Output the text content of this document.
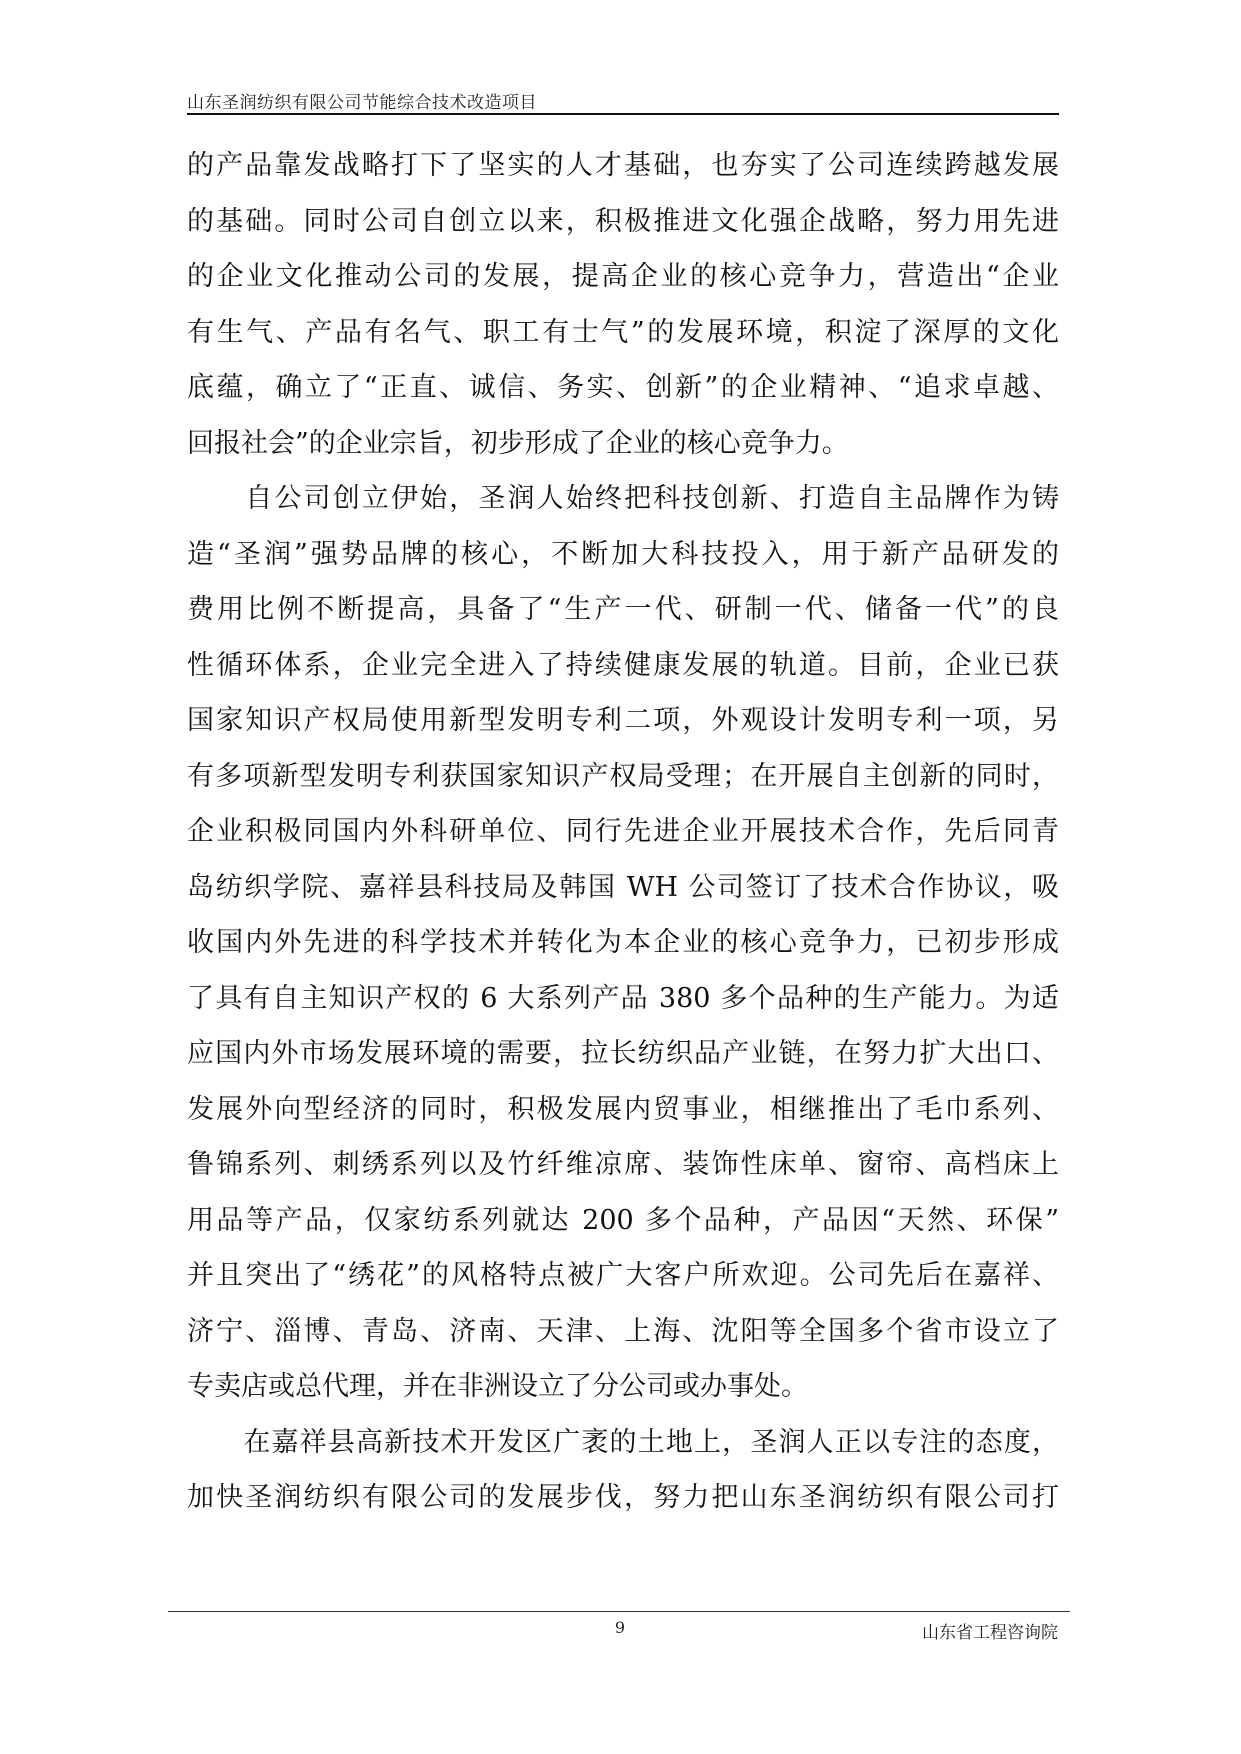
山东圣润纺织有限公司节能综合技术改造项目
的产品靠发战略打下了坚实的人才基础，也夯实了公司连续跨越发展
的基础。同时公司自创立以来，积极推进文化强企战略，努力用先进
的企业文化推动公司的发展，提高企业的核心竞争力，营造出“企业
有生气、产品有名气、职工有士气”的发展环境，积淀了深厚的文化
底蕴，确立了“正直、诚信、务实、创新”的企业精神、“追求卓越、
回报社会”的企业宗旨，初步形成了企业的核心竞争力。
　　自公司创立伊始，圣润人始终把科技创新、打造自主品牌作为铸
造“圣润”强势品牌的核心，不断加大科技投入，用于新产品研发的
费用比例不断提高，具备了“生产一代、研制一代、储备一代”的良
性循环体系，企业完全进入了持续健康发展的轨道。目前，企业已获
国家知识产权局使用新型发明专利二项，外观设计发明专利一项，另
有多项新型发明专利获国家知识产权局受理；在开展自主创新的同时，
企业积极同国内外科研单位、同行先进企业开展技术合作，先后同青
岛纺织学院、嘉祥县科技局及韩国 WH 公司签订了技术合作协议，吸
收国内外先进的科学技术并转化为本企业的核心竞争力，已初步形成
了具有自主知识产权的 6 大系列产品 380 多个品种的生产能力。为适
应国内外市场发展环境的需要，拉长纺织品产业链，在努力扩大出口、
发展外向型经济的同时，积极发展内贸事业，相继推出了毛巾系列、
鲁锦系列、刺绣系列以及竹纤维凉席、装饰性床单、窗帘、高档床上
用品等产品，仅家纺系列就达 200 多个品种，产品因“天然、环保”
并且突出了“绣花”的风格特点被广大客户所欢迎。公司先后在嘉祥、
济宁、淄博、青岛、济南、天津、上海、沈阳等全国多个省市设立了
专卖店或总代理，并在非洲设立了分公司或办事处。
　　在嘉祥县高新技术开发区广袤的土地上，圣润人正以专注的态度，
加快圣润纺织有限公司的发展步伐，努力把山东圣润纺织有限公司打
9	山东省工程咨询院
